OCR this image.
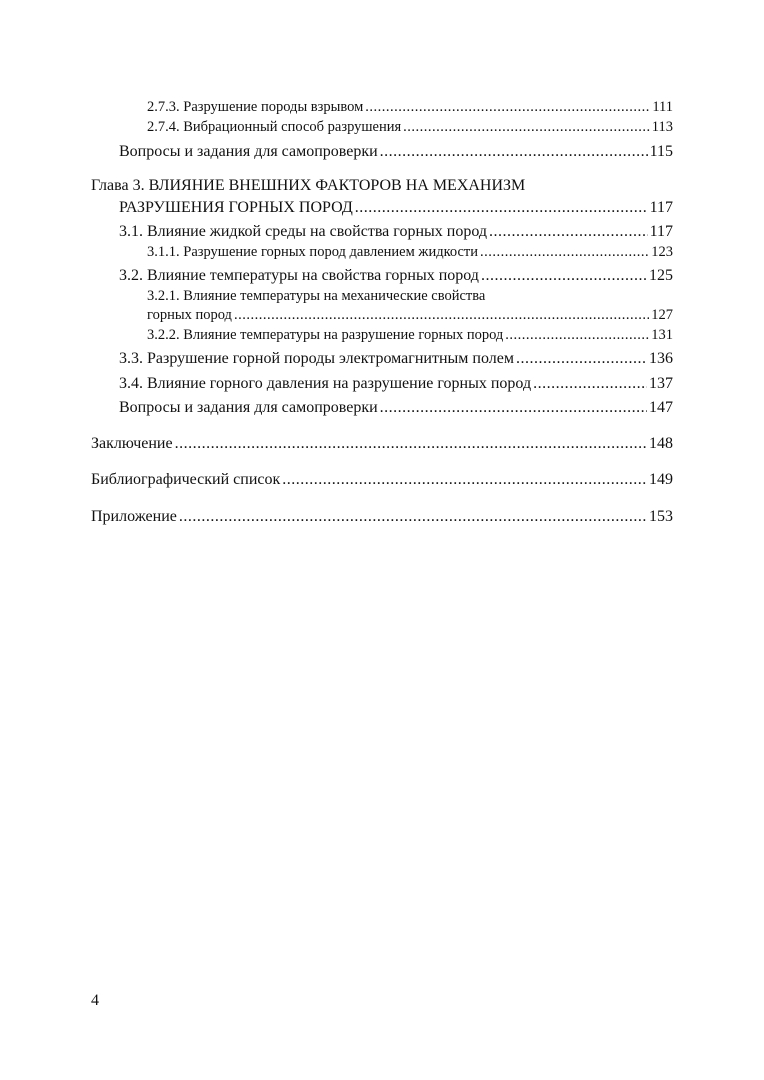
2.7.3. Разрушение породы взрывом .....	111
2.7.4. Вибрационный способ разрушения .....	113
Вопросы и задания для самопроверки .....	115
Глава 3. ВЛИЯНИЕ ВНЕШНИХ ФАКТОРОВ НА МЕХАНИЗМ
РАЗРУШЕНИЯ ГОРНЫХ ПОРОД .....	117
3.1. Влияние жидкой среды на свойства горных пород .....	117
3.1.1. Разрушение горных пород давлением жидкости .....	123
3.2. Влияние температуры на свойства горных пород .....	125
3.2.1. Влияние температуры на механические свойства
горных пород .....	127
3.2.2. Влияние температуры на разрушение горных пород .....	131
3.3. Разрушение горной породы электромагнитным полем .....	136
3.4. Влияние горного давления на разрушение горных пород .....	137
Вопросы и задания для самопроверки .....	147
Заключение .....	148
Библиографический список .....	149
Приложение .....	153
4
